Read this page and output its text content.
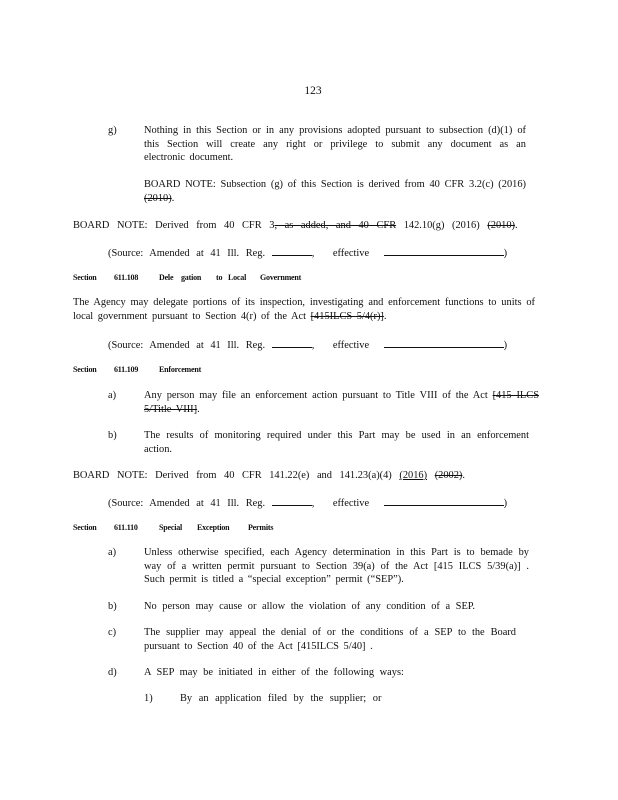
123
g)	Nothing in this Section or in any provisions adopted pursuant to subsection (d)(1) of this Section will create any right or privilege to submit any document as an electronic document.
BOARD NOTE: Subsection (g) of this Section is derived from 40 CFR 3.2(c) (2016) (2010).
BOARD NOTE: Derived from 40 CFR 3, as added, and 40 CFR 142.10(g) (2016) (2010).
(Source: Amended at 41 Ill. Reg.	, effective	)
Section 611.108	Dele gation to Local Government
The Agency may delegate portions of its inspection, investigating and enforcement functions to units of local government pursuant to Section 4(r) of the Act [415ILCS 5/4(r)].
(Source: Amended at 41 Ill. Reg.	, effective	)
Section 611.109	Enforcement
a)	Any person may file an enforcement action pursuant to Title VIII of the Act [415 ILCS 5/Title VIII].
b)	The results of monitoring required under this Part may be used in an enforcement action.
BOARD NOTE: Derived from 40 CFR 141.22(e) and 141.23(a)(4) (2016) (2002).
(Source: Amended at 41 Ill. Reg.	, effective	)
Section 611.110	Special Exception Permits
a)	Unless otherwise specified, each Agency determination in this Part is to bemade by way of a written permit pursuant to Section 39(a) of the Act [415 ILCS 5/39(a)] . Such permit is titled a “special exception” permit (“SEP”).
b)	No person may cause or allow the violation of any condition of a SEP.
c)	The supplier may appeal the denial of or the conditions of a SEP to the Board pursuant to Section 40 of the Act [415ILCS 5/40] .
d)	A SEP may be initiated in either of the following ways:
1)	By an application filed by the supplier; or
